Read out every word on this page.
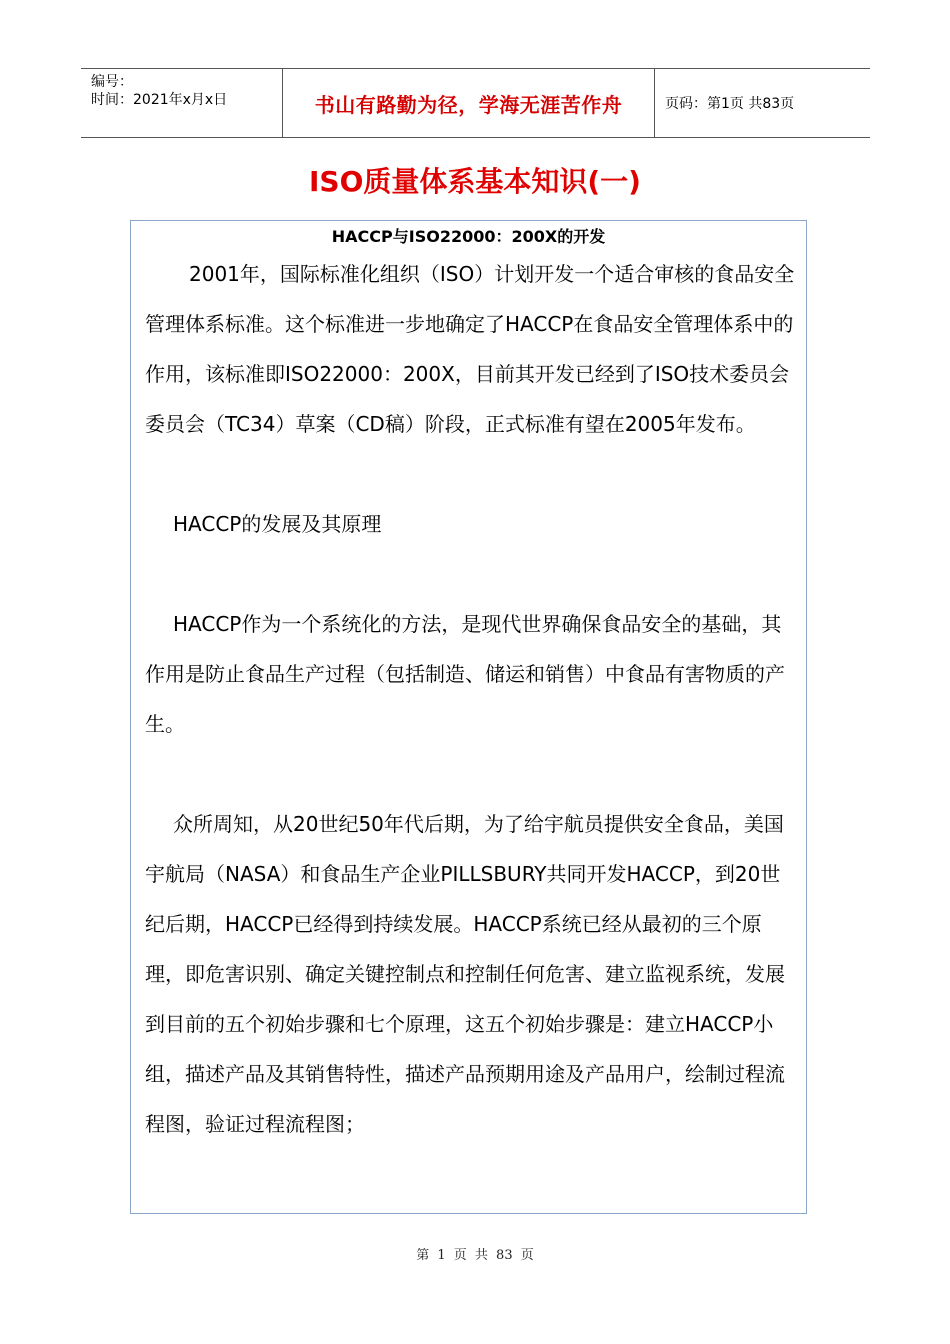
编号：
时间：2021年x月x日	书山有路勤为径，学海无涯苦作舟	页码：第1页 共83页
ISO质量体系基本知识(一)
HACCP与ISO22000：200X的开发

2001年，国际标准化组织（ISO）计划开发一个适合审核的食品安全管理体系标准。这个标准进一步地确定了HACCP在食品安全管理体系中的作用，该标准即ISO22000：200X，目前其开发已经到了ISO技术委员会委员会（TC34）草案（CD稿）阶段，正式标准有望在2005年发布。

HACCP的发展及其原理

HACCP作为一个系统化的方法，是现代世界确保食品安全的基础，其作用是防止食品生产过程（包括制造、储运和销售）中食品有害物质的产生。

众所周知，从20世纪50年代后期，为了给宇航员提供安全食品，美国宇航局（NASA）和食品生产企业PILLSBURY共同开发HACCP，到20世纪后期，HACCP已经得到持续发展。HACCP系统已经从最初的三个原理，即危害识别、确定关键控制点和控制任何危害、建立监视系统，发展到目前的五个初始步骤和七个原理，这五个初始步骤是：建立HACCP小组，描述产品及其销售特性，描述产品预期用途及产品用户，绘制过程流程图，验证过程流程图；

第 1 页 共 83 页
